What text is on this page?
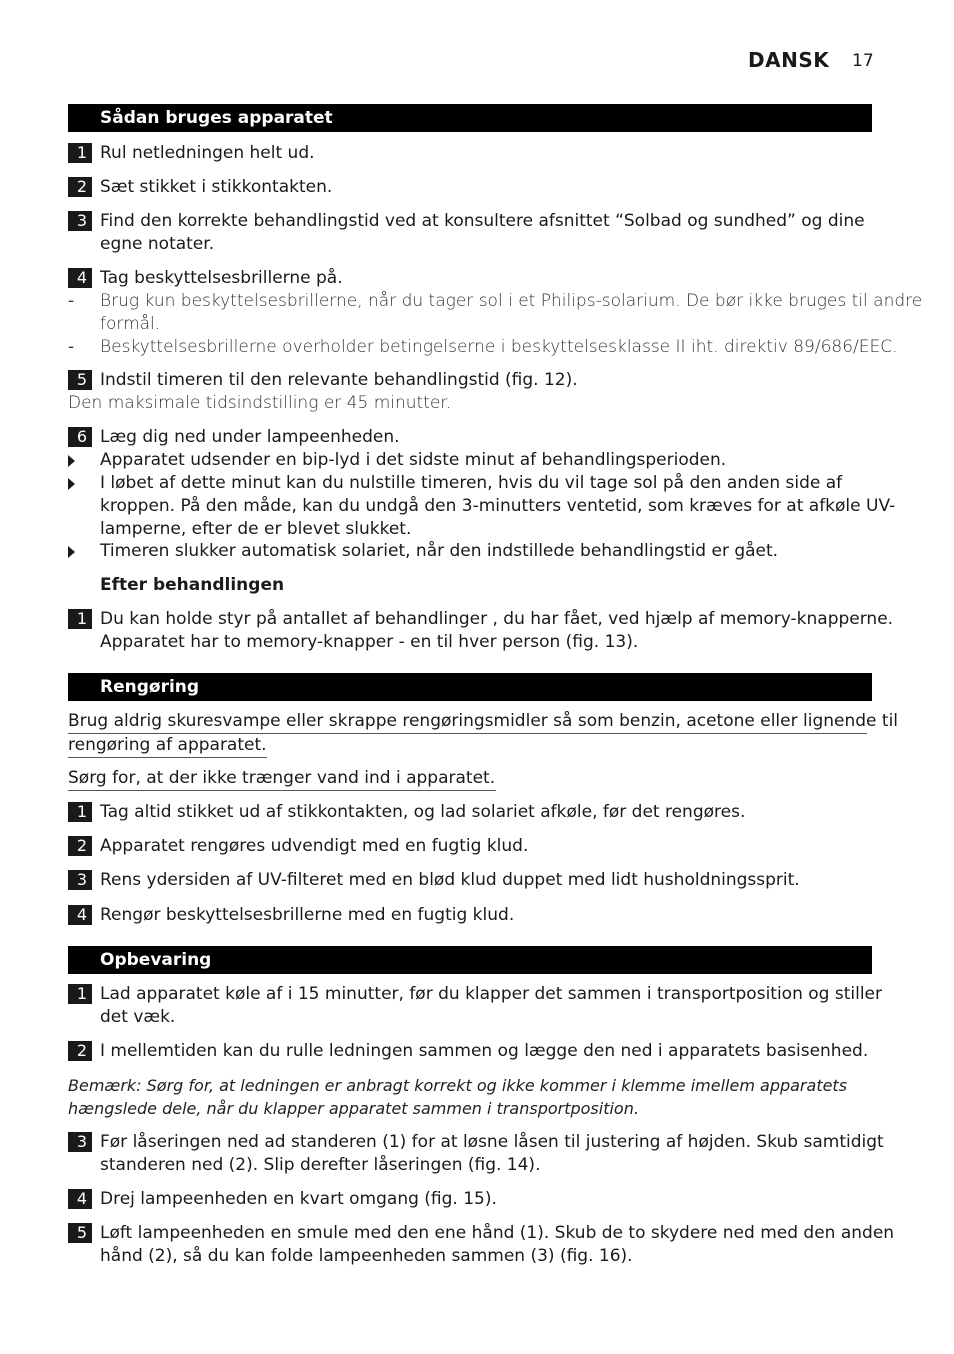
DANSK 17
Sådan bruges apparatet
1 Rul netledningen helt ud.
2 Sæt stikket i stikkontakten.
3 Find den korrekte behandlingstid ved at konsultere afsnittet “Solbad og sundhed” og dine
egne notater.
4 Tag beskyttelsesbrillerne på.
- Brug kun beskyttelsesbrillerne, når du tager sol i et Philips-solarium. De bør ikke bruges til andre
formål.
- Beskyttelsesbrillerne overholder betingelserne i beskyttelsesklasse II iht. direktiv 89/686/EEC.
5 Indstil timeren til den relevante behandlingstid (fig. 12).
Den maksimale tidsindstilling er 45 minutter.
6 Læg dig ned under lampeenheden.
Apparatet udsender en bip-lyd i det sidste minut af behandlingsperioden.
I løbet af dette minut kan du nulstille timeren, hvis du vil tage sol på den anden side af
kroppen. På den måde, kan du undgå den 3-minutters ventetid, som kræves for at afkøle UV-
lamperne, efter de er blevet slukket.
Timeren slukker automatisk solariet, når den indstillede behandlingstid er gået.
Efter behandlingen
1 Du kan holde styr på antallet af behandlinger , du har fået, ved hjælp af memory-knapperne.
Apparatet har to memory-knapper - en til hver person (fig. 13).
Rengøring
Brug aldrig skuresvampe eller skrappe rengøringsmidler så som benzin, acetone eller lignende til
rengøring af apparatet.
Sørg for, at der ikke trænger vand ind i apparatet.
1 Tag altid stikket ud af stikkontakten, og lad solariet afkøle, før det rengøres.
2 Apparatet rengøres udvendigt med en fugtig klud.
3 Rens ydersiden af UV-filteret med en blød klud duppet med lidt husholdningssprit.
4 Rengør beskyttelsesbrillerne med en fugtig klud.
Opbevaring
1 Lad apparatet køle af i 15 minutter, før du klapper det sammen i transportposition og stiller
det væk.
2 I mellemtiden kan du rulle ledningen sammen og lægge den ned i apparatets basisenhed.
Bemærk: Sørg for, at ledningen er anbragt korrekt og ikke kommer i klemme imellem apparatets
hængslede dele, når du klapper apparatet sammen i transportposition.
3 Før låseringen ned ad standeren (1) for at løsne låsen til justering af højden. Skub samtidigt
standeren ned (2). Slip derefter låseringen (fig. 14).
4 Drej lampeenheden en kvart omgang (fig. 15).
5 Løft lampeenheden en smule med den ene hånd (1). Skub de to skydere ned med den anden
hånd (2), så du kan folde lampeenheden sammen (3) (fig. 16).
